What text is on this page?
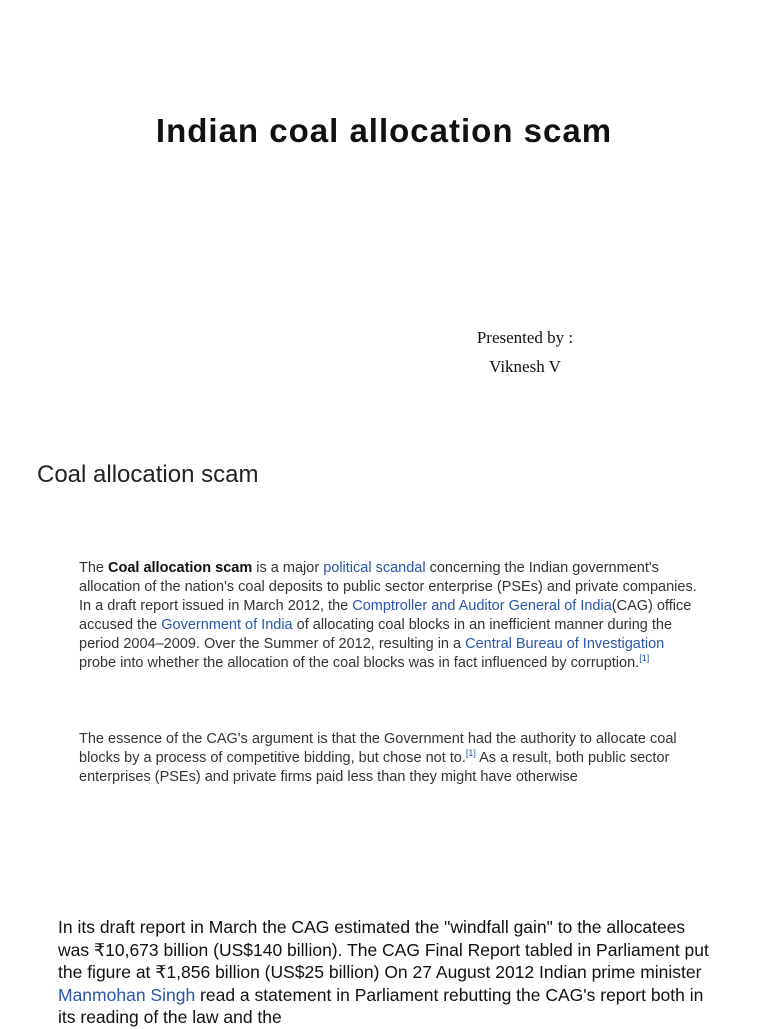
Indian coal allocation scam
Presented by :
Viknesh V
Coal allocation scam

The Coal allocation scam is a major political scandal concerning the Indian government's allocation of the nation's coal deposits to public sector enterprise (PSEs) and private companies. In a draft report issued in March 2012, the Comptroller and Auditor General of India(CAG) office accused the Government of India of allocating coal blocks in an inefficient manner during the period 2004–2009. Over the Summer of 2012, resulting in a Central Bureau of Investigation probe into whether the allocation of the coal blocks was in fact influenced by corruption.[1]

The essence of the CAG's argument is that the Government had the authority to allocate coal blocks by a process of competitive bidding, but chose not to.[1] As a result, both public sector enterprises (PSEs) and private firms paid less than they might have otherwise

In its draft report in March the CAG estimated the "windfall gain" to the allocatees was ₹10,673 billion (US$140 billion). The CAG Final Report tabled in Parliament put the figure at ₹1,856 billion (US$25 billion) On 27 August 2012 Indian prime minister Manmohan Singh read a statement in Parliament rebutting the CAG's report both in its reading of the law and the
